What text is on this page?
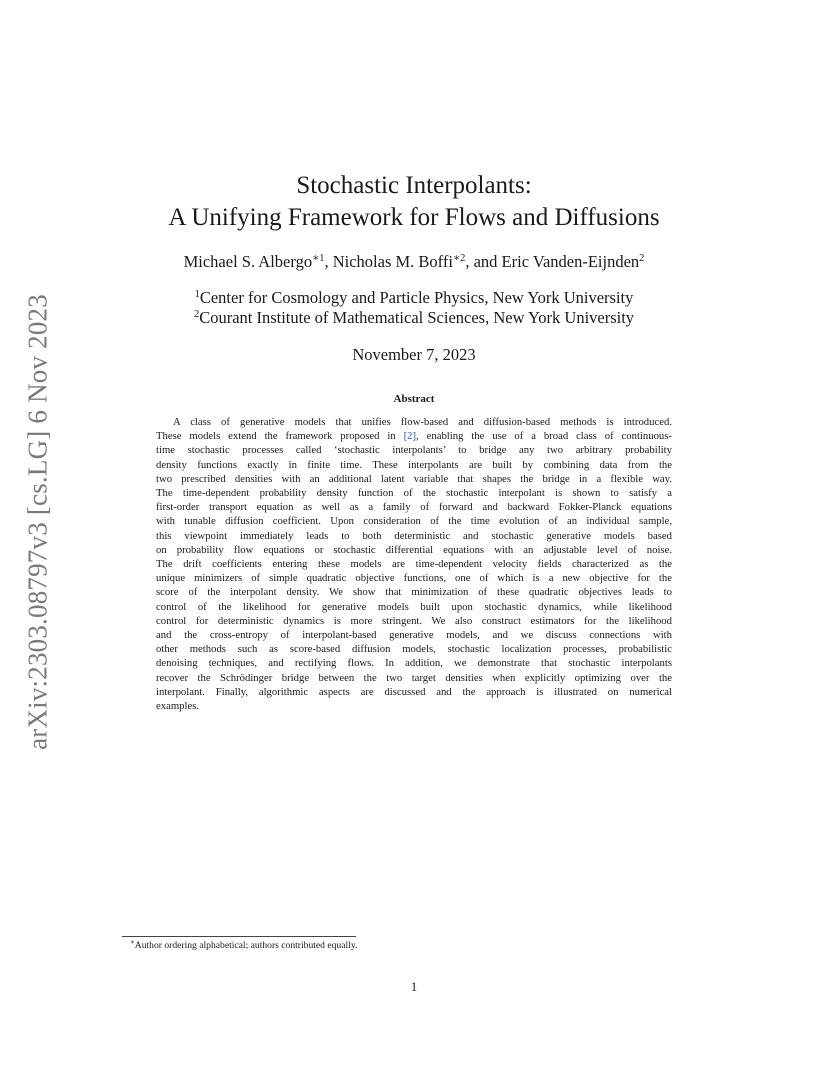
arXiv:2303.08797v3 [cs.LG] 6 Nov 2023
Stochastic Interpolants:
A Unifying Framework for Flows and Diffusions
Michael S. Albergo$^{∗1}$, Nicholas M. Boffi$^{∗2}$, and Eric Vanden-Eijnden$^2$
$^1$Center for Cosmology and Particle Physics, New York University
$^2$Courant Institute of Mathematical Sciences, New York University
November 7, 2023
Abstract
A class of generative models that unifies flow-based and diffusion-based methods is introduced.
These models extend the framework proposed in [2], enabling the use of a broad class of continuous-
time stochastic processes called ‘stochastic interpolants’ to bridge any two arbitrary probability
density functions exactly in finite time. These interpolants are built by combining data from the
two prescribed densities with an additional latent variable that shapes the bridge in a flexible way.
The time-dependent probability density function of the stochastic interpolant is shown to satisfy a
first-order transport equation as well as a family of forward and backward Fokker-Planck equations
with tunable diffusion coefficient. Upon consideration of the time evolution of an individual sample,
this viewpoint immediately leads to both deterministic and stochastic generative models based
on probability flow equations or stochastic differential equations with an adjustable level of noise.
The drift coefficients entering these models are time-dependent velocity fields characterized as the
unique minimizers of simple quadratic objective functions, one of which is a new objective for the
score of the interpolant density. We show that minimization of these quadratic objectives leads to
control of the likelihood for generative models built upon stochastic dynamics, while likelihood
control for deterministic dynamics is more stringent. We also construct estimators for the likelihood
and the cross-entropy of interpolant-based generative models, and we discuss connections with
other methods such as score-based diffusion models, stochastic localization processes, probabilistic
denoising techniques, and rectifying flows. In addition, we demonstrate that stochastic interpolants
recover the Schrödinger bridge between the two target densities when explicitly optimizing over the
interpolant. Finally, algorithmic aspects are discussed and the approach is illustrated on numerical
examples.
∗Author ordering alphabetical; authors contributed equally.
1
